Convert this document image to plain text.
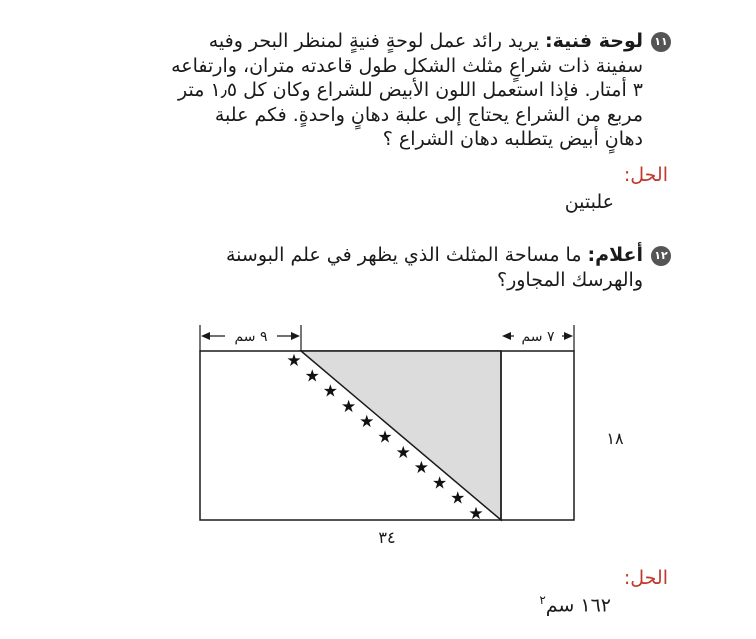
١١لوحة فنية: يريد رائد عمل لوحةٍ فنيةٍ لمنظر البحر وفيه
سفينة ذات شراعٍ مثلث الشكل طول قاعدته متران، وارتفاعه
٣ أمتار. فإذا استعمل اللون الأبيض للشراع وكان كل ١٫٥ متر
مربع من الشراع يحتاج إلى علبة دهانٍ واحدةٍ. فكم علبة
دهانٍ أبيض يتطلبه دهان الشراع ؟
الحل:
علبتين
١٢أعلام: ما مساحة المثلث الذي يظهر في علم البوسنة
والهرسك المجاور؟
٩ سم	٧ سم
١٨
٣٤
★
★
★
★
★
★
★
★
★
★
★
الحل:
١٦٢ سم$^٢$
